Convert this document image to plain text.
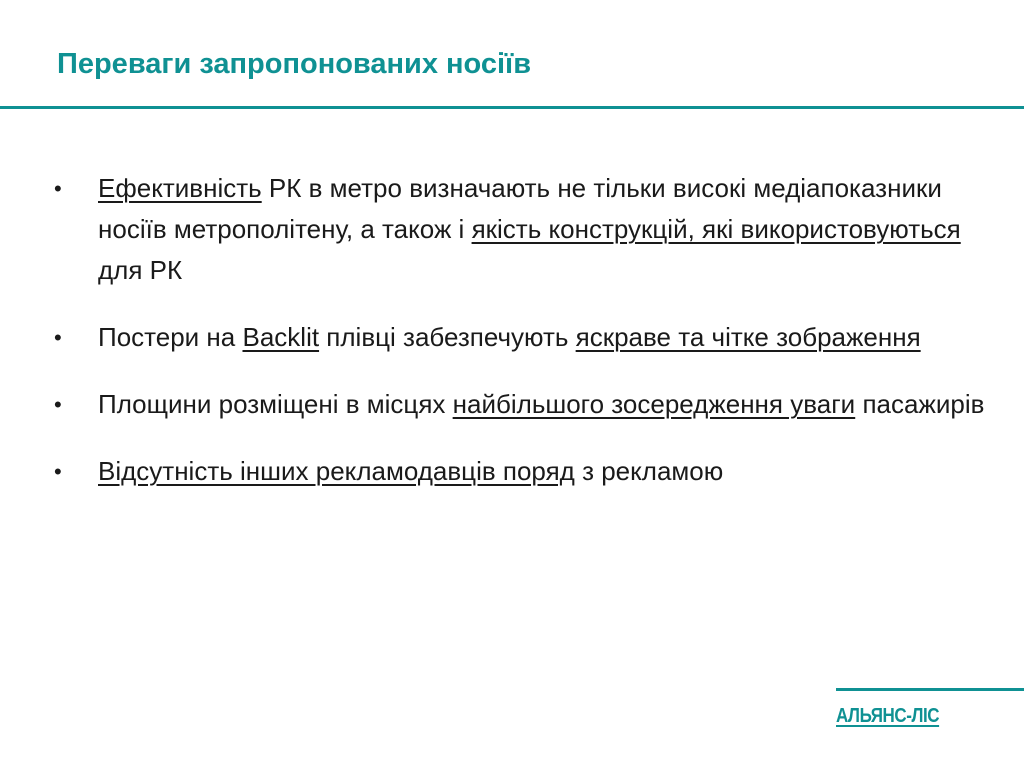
Переваги запропонованих носіїв
• Ефективність РК в метро визначають не тільки високі медіапоказники носіїв метрополітену, а також і якість конструкцій, які використовуються для РК
• Постери на Backlit плівці забезпечують яскраве та чітке зображення
• Площини розміщені в місцях найбільшого зосередження уваги пасажирів
• Відсутність інших рекламодавців поряд з рекламою
АЛЬЯНС-ЛІС
